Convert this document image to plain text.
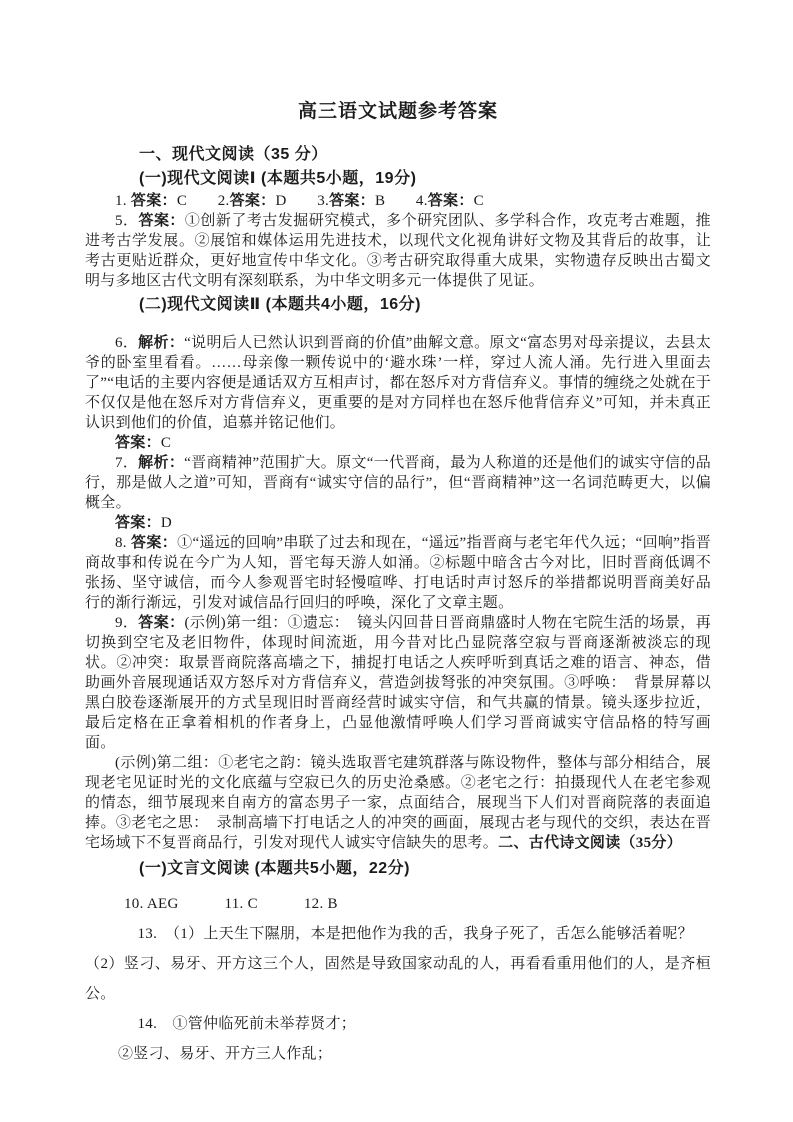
高三语文试题参考答案

一、现代文阅读（35 分）

(一)现代文阅读Ⅰ (本题共5小题，19分)

1. 答案：C　　2.答案：D　　3.答案：B　　4.答案：C

5．答案：①创新了考古发掘研究模式，多个研究团队、多学科合作，攻克考古难题，推进考古学发展。②展馆和媒体运用先进技术，以现代文化视角讲好文物及其背后的故事，让考古更贴近群众，更好地宣传中华文化。③考古研究取得重大成果，实物遗存反映出古蜀文明与多地区古代文明有深刻联系，为中华文明多元一体提供了见证。

(二)现代文阅读Ⅱ (本题共4小题，16分)

6．解析：“说明后人已然认识到晋商的价值”曲解文意。原文“富态男对母亲提议，去县太爷的卧室里看看。……母亲像一颗传说中的‘避水珠’一样，穿过人流人涌。先行进入里面去了”“电话的主要内容便是通话双方互相声讨，都在怒斥对方背信弃义。事情的缠绕之处就在于不仅仅是他在怒斥对方背信弃义，更重要的是对方同样也在怒斥他背信弃义”可知，并未真正认识到他们的价值，追慕并铭记他们。

答案：C

7．解析：“晋商精神”范围扩大。原文“一代晋商，最为人称道的还是他们的诚实守信的品行，那是做人之道”可知，晋商有“诚实守信的品行”，但“晋商精神”这一名词范畴更大，以偏概全。

答案：D

8. 答案：①“遥远的回响”串联了过去和现在，“遥远”指晋商与老宅年代久远；“回响”指晋商故事和传说在今广为人知，晋宅每天游人如涌。②标题中暗含古今对比，旧时晋商低调不张扬、坚守诚信，而今人参观晋宅时轻慢喧哗、打电话时声讨怒斥的举措都说明晋商美好品行的渐行渐远，引发对诚信品行回归的呼唤，深化了文章主题。

9．答案：(示例)第一组：①遗忘：　镜头闪回昔日晋商鼎盛时人物在宅院生活的场景，再切换到空宅及老旧物件，体现时间流逝，用今昔对比凸显院落空寂与晋商逐渐被淡忘的现状。②冲突：取景晋商院落高墙之下，捕捉打电话之人疾呼听到真话之难的语言、神态，借助画外音展现通话双方怒斥对方背信弃义，营造剑拔弩张的冲突氛围。③呼唤：　背景屏幕以黑白胶卷逐渐展开的方式呈现旧时晋商经营时诚实守信，和气共赢的情景。镜头逐步拉近，最后定格在正拿着相机的作者身上，凸显他激情呼唤人们学习晋商诚实守信品格的特写画面。

(示例)第二组：①老宅之韵：镜头选取晋宅建筑群落与陈设物件，整体与部分相结合，展现老宅见证时光的文化底蕴与空寂已久的历史沧桑感。②老宅之行：拍摄现代人在老宅参观的情态，细节展现来自南方的富态男子一家，点面结合，展现当下人们对晋商院落的表面追捧。③老宅之思：　录制高墙下打电话之人的冲突的画面，展现古老与现代的交织，表达在晋宅场域下不复晋商品行，引发对现代人诚实守信缺失的思考。二、古代诗文阅读（35分）

(一)文言文阅读 (本题共5小题，22分)

10. AEG　　　11. C　　　12. B

13.　（1）上天生下隰朋，本是把他作为我的舌，我身子死了，舌怎么能够活着呢？

（2）竖刁、易牙、开方这三个人，固然是导致国家动乱的人，再看看重用他们的人，是齐桓公。

14.　①管仲临死前未举荐贤才；

②竖刁、易牙、开方三人作乱；
